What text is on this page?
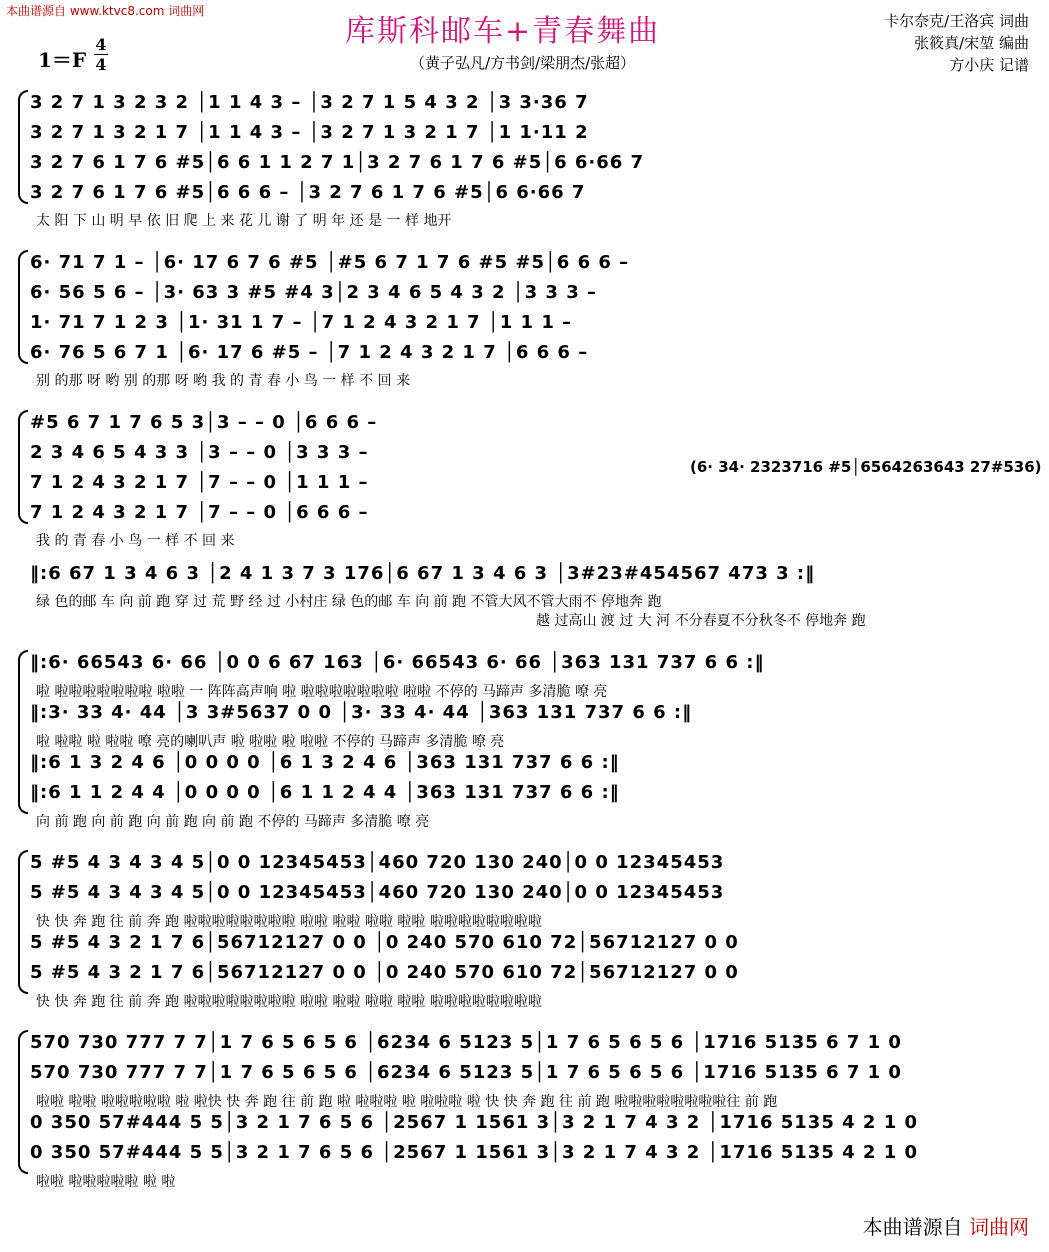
本曲谱源自 www.ktvc8.com 词曲网
库斯科邮车+青春舞曲
1＝F
4
4	（黄子弘凡/方书剑/梁朋杰/张超）
卡尔奈克/王洛宾 词曲
张筱真/宋堃 编曲
方小庆 记谱
3 2 7 1 3 2 3 2 │1 1 4 3 – │3 2 7 1 5 4 3 2 │3 3·36 7
3 2 7 1 3 2 1 7 │1 1 4 3 – │3 2 7 1 3 2 1 7 │1 1·11 2
3 2 7 6 1 7 6 #5│6 6 1 1 2 7 1│3 2 7 6 1 7 6 #5│6 6·66 7
3 2 7 6 1 7 6 #5│6 6 6 – │3 2 7 6 1 7 6 #5│6 6·66 7
太 阳 下 山 明 早 依 旧 爬 上 来 花 儿 谢 了 明 年 还 是 一 样 地开
6· 71 7 1 – │6· 17 6 7 6 #5 │#5 6 7 1 7 6 #5 #5│6 6 6 –
6· 56 5 6 – │3· 63 3 #5 #4 3│2 3 4 6 5 4 3 2 │3 3 3 –
1· 71 7 1 2 3 │1· 31 1 7 – │7 1 2 4 3 2 1 7 │1 1 1 –
6· 76 5 6 7 1 │6· 17 6 #5 – │7 1 2 4 3 2 1 7 │6 6 6 –
别 的那 呀 哟 别 的那 呀 哟 我 的 青 春 小 鸟 一 样 不 回 来
#5 6 7 1 7 6 5 3│3 – – 0 │6 6 6 –
2 3 4 6 5 4 3 3 │3 – – 0 │3 3 3 –
7 1 2 4 3 2 1 7 │7 – – 0 │1 1 1 –
7 1 2 4 3 2 1 7 │7 – – 0 │6 6 6 –
(6· 34· 2323716 #5│6564263643 27#536)
我 的 青 春 小 鸟 一 样 不 回 来
‖:6 67 1 3 4 6 3 │2 4 1 3 7 3 176│6 67 1 3 4 6 3 │3#23#454567 473 3 :‖
绿 色的邮 车 向 前 跑 穿 过 荒 野 经 过 小村庄 绿 色的邮 车 向 前 跑 不管大风不管大雨不 停地奔 跑
越 过高山 渡 过 大 河 不分春夏不分秋冬不 停地奔 跑
‖:6· 66543 6· 66 │0 0 6 67 163 │6· 66543 6· 66 │363 131 737 6 6 :‖
啦 啦啦啦啦啦啦啦 啦啦 一 阵阵高声响 啦 啦啦啦啦啦啦啦 啦啦 不停的 马蹄声 多清脆 嘹 亮
‖:3· 33 4· 44 │3 3#5637 0 0 │3· 33 4· 44 │363 131 737 6 6 :‖
啦 啦啦 啦 啦啦 嘹 亮的喇叭声 啦 啦啦 啦 啦啦 不停的 马蹄声 多清脆 嘹 亮
‖:6 1 3 2 4 6 │0 0 0 0 │6 1 3 2 4 6 │363 131 737 6 6 :‖
‖:6 1 1 2 4 4 │0 0 0 0 │6 1 1 2 4 4 │363 131 737 6 6 :‖
向 前 跑 向 前 跑 向 前 跑 向 前 跑 不停的 马蹄声 多清脆 嘹 亮
5 #5 4 3 4 3 4 5│0 0 12345453│460 720 130 240│0 0 12345453
5 #5 4 3 4 3 4 5│0 0 12345453│460 720 130 240│0 0 12345453
快 快 奔 跑 往 前 奔 跑 啦啦啦啦啦啦啦啦 啦啦 啦啦 啦啦 啦啦 啦啦啦啦啦啦啦啦
5 #5 4 3 2 1 7 6│56712127 0 0 │0 240 570 610 72│56712127 0 0
5 #5 4 3 2 1 7 6│56712127 0 0 │0 240 570 610 72│56712127 0 0
快 快 奔 跑 往 前 奔 跑 啦啦啦啦啦啦啦啦 啦啦 啦啦 啦啦 啦啦 啦啦啦啦啦啦啦啦
570 730 777 7 7│1 7 6 5 6 5 6 │6234 6 5123 5│1 7 6 5 6 5 6 │1716 5135 6 7 1 0
570 730 777 7 7│1 7 6 5 6 5 6 │6234 6 5123 5│1 7 6 5 6 5 6 │1716 5135 6 7 1 0
啦啦 啦啦 啦啦啦啦啦 啦 啦快 快 奔 跑 往 前 跑 啦 啦啦啦 啦 啦啦啦 啦 快 快 奔 跑 往 前 跑 啦啦啦啦啦啦啦啦往 前 跑
0 350 57#444 5 5│3 2 1 7 6 5 6 │2567 1 1561 3│3 2 1 7 4 3 2 │1716 5135 4 2 1 0
0 350 57#444 5 5│3 2 1 7 6 5 6 │2567 1 1561 3│3 2 1 7 4 3 2 │1716 5135 4 2 1 0
啦啦 啦啦啦啦啦 啦 啦
本曲谱源自 词曲网
